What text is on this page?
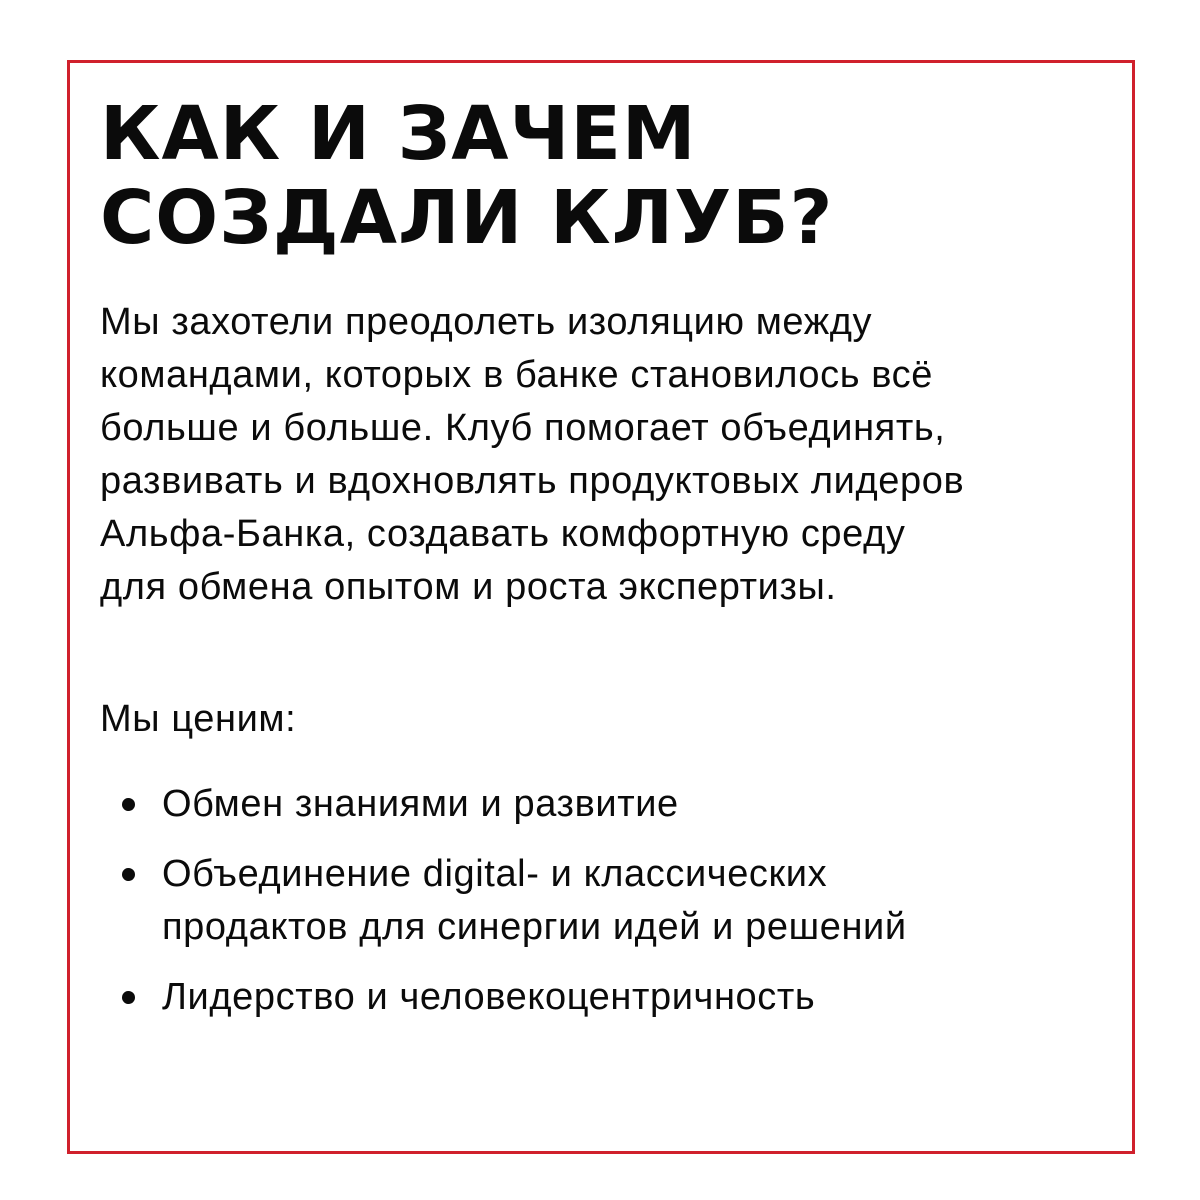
КАК И ЗАЧЕМ
СОЗДАЛИ КЛУБ?

Мы захотели преодолеть изоляцию между
командами, которых в банке становилось всё
больше и больше. Клуб помогает объединять,
развивать и вдохновлять продуктовых лидеров
Альфа-Банка, создавать комфортную среду
для обмена опытом и роста экспертизы.

Мы ценим:

Обмен знаниями и развитие
Объединение digital- и классических
продактов для синергии идей и решений
Лидерство и человекоцентричность
